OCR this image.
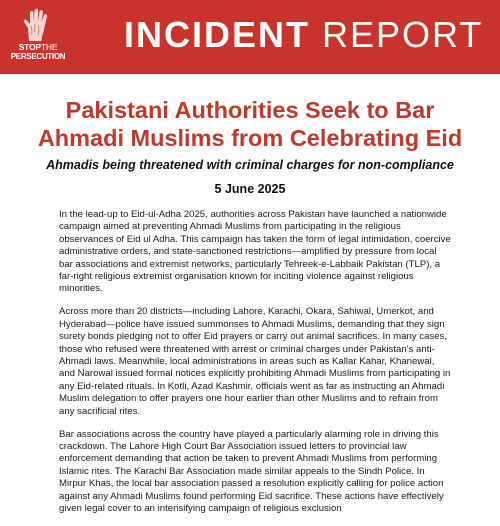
STOPTHE
PERSECUTION
INCIDENT REPORT
Pakistani Authorities Seek to Bar Ahmadi Muslims from Celebrating Eid
Ahmadis being threatened with criminal charges for non-compliance
5 June 2025

In the lead-up to Eid-ul-Adha 2025, authorities across Pakistan have launched a nationwide campaign aimed at preventing Ahmadi Muslims from participating in the religious observances of Eid ul Adha. This campaign has taken the form of legal intimidation, coercive administrative orders, and state-sanctioned restrictions—amplified by pressure from local bar associations and extremist networks, particularly Tehreek-e-Labbaik Pakistan (TLP), a far-right religious extremist organisation known for inciting violence against religious minorities.

Across more than 20 districts—including Lahore, Karachi, Okara, Sahiwal, Umerkot, and Hyderabad—police have issued summonses to Ahmadi Muslims, demanding that they sign surety bonds pledging not to offer Eid prayers or carry out animal sacrifices. In many cases, those who refused were threatened with arrest or criminal charges under Pakistan's anti-Ahmadi laws. Meanwhile, local administrations in areas such as Kallar Kahar, Khanewal, and Narowal issued formal notices explicitly prohibiting Ahmadi Muslims from participating in any Eid-related rituals. In Kotli, Azad Kashmir, officials went as far as instructing an Ahmadi Muslim delegation to offer prayers one hour earlier than other Muslims and to refrain from any sacrificial rites.

Bar associations across the country have played a particularly alarming role in driving this crackdown. The Lahore High Court Bar Association issued letters to provincial law enforcement demanding that action be taken to prevent Ahmadi Muslims from performing Islamic rites. The Karachi Bar Association made similar appeals to the Sindh Police. In Mirpur Khas, the local bar association passed a resolution explicitly calling for police action against any Ahmadi Muslims found performing Eid sacrifice. These actions have effectively given legal cover to an intensifying campaign of religious exclusion
